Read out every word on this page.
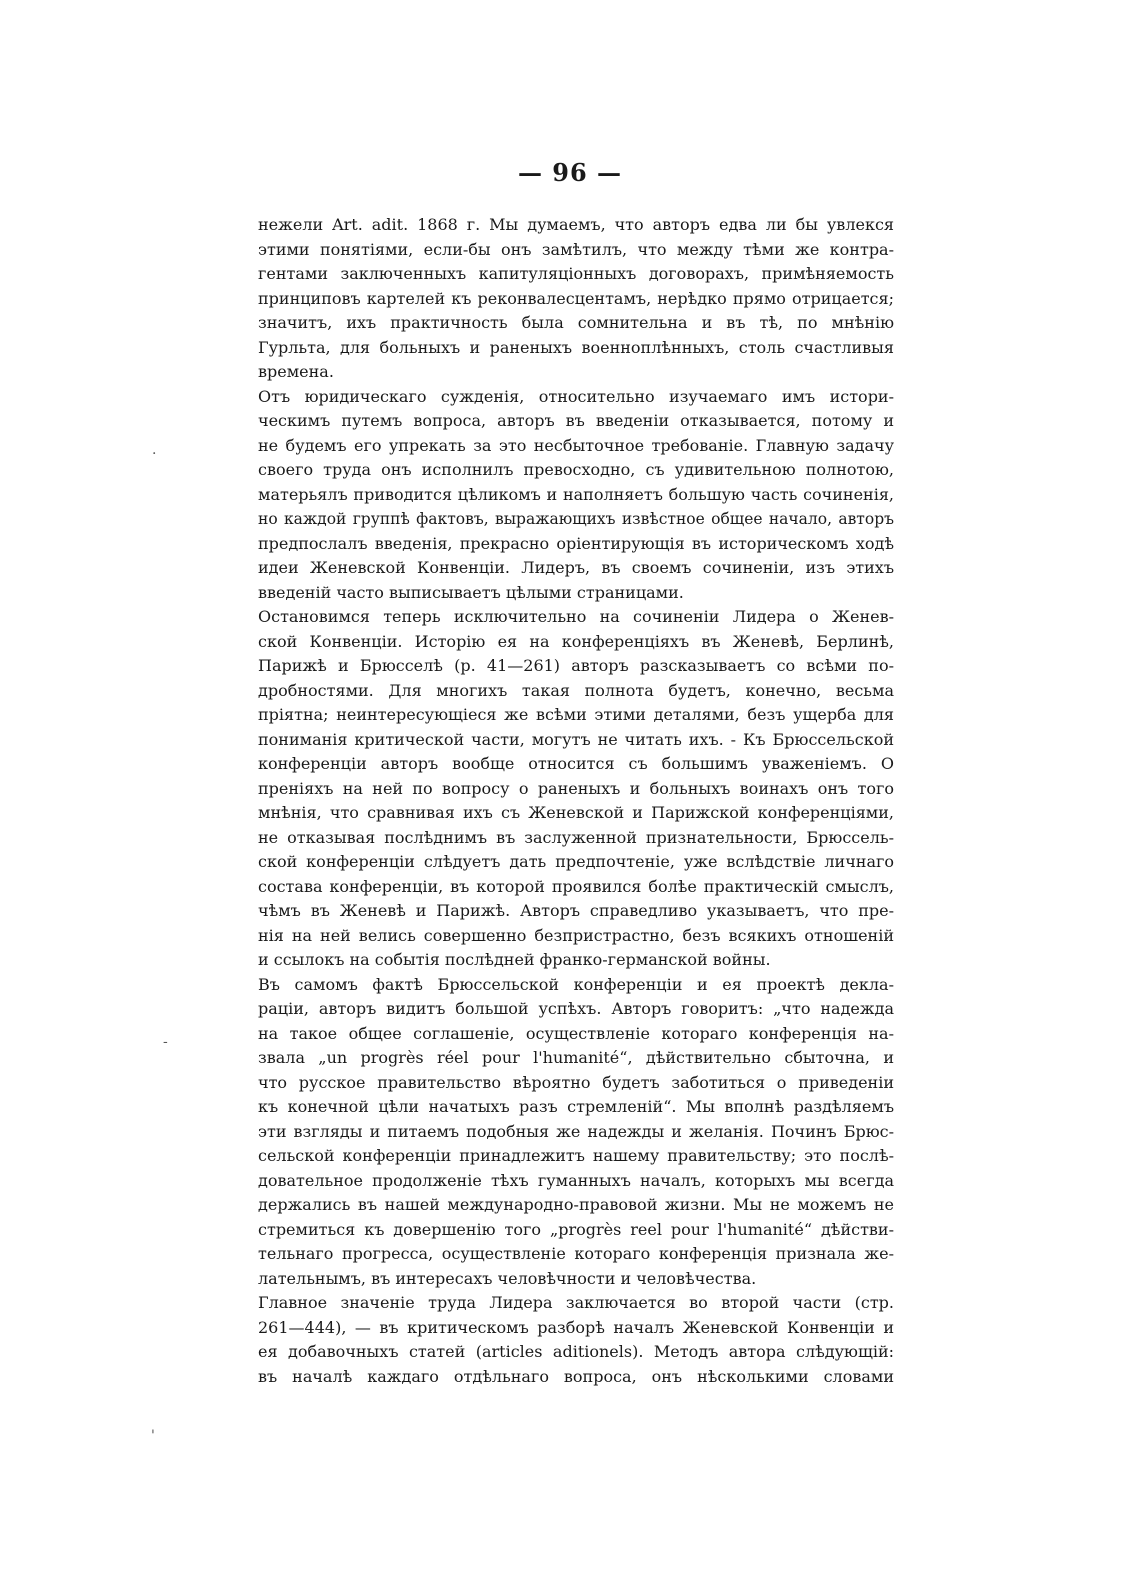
— 96 —
нежели Art. adit. 1868 г. Мы думаемъ, что авторъ едва ли бы увлекся
этими понятіями, если-бы онъ замѣтилъ, что между тѣми же контра-
гентами заключенныхъ капитуляціонныхъ договорахъ, примѣняемость
принциповъ картелей къ реконвалесцентамъ, нерѣдко прямо отрицается;
значитъ, ихъ практичность была сомнительна и въ тѣ, по мнѣнію
Гурльта, для больныхъ и раненыхъ военноплѣнныхъ, столь счастливыя
времена.
Отъ юридическаго сужденія, относительно изучаемаго имъ истори-
ческимъ путемъ вопроса, авторъ въ введеніи отказывается, потому и
не будемъ его упрекать за это несбыточное требованіе. Главную задачу
своего труда онъ исполнилъ превосходно, съ удивительною полнотою,
матерьялъ приводится цѣликомъ и наполняетъ большую часть сочиненія,
но каждой группѣ фактовъ, выражающихъ извѣстное общее начало, авторъ
предпослалъ введенія, прекрасно оріентирующія въ историческомъ ходѣ
идеи Женевской Конвенціи. Лидеръ, въ своемъ сочиненіи, изъ этихъ
введеній часто выписываетъ цѣлыми страницами.
Остановимся теперь исключительно на сочиненіи Лидера о Женев-
ской Конвенціи. Исторію ея на конференціяхъ въ Женевѣ, Берлинѣ,
Парижѣ и Брюсселѣ (p. 41—261) авторъ разсказываетъ со всѣми по-
дробностями. Для многихъ такая полнота будетъ, конечно, весьма
пріятна; неинтересующіеся же всѣми этими деталями, безъ ущерба для
пониманія критической части, могутъ не читать ихъ. - Къ Брюссельской
конференціи авторъ вообще относится съ большимъ уваженіемъ. О
преніяхъ на ней по вопросу о раненыхъ и больныхъ воинахъ онъ того
мнѣнія, что сравнивая ихъ съ Женевской и Парижской конференціями,
не отказывая послѣднимъ въ заслуженной признательности, Брюссель-
ской конференціи слѣдуетъ дать предпочтеніе, уже вслѣдствіе личнаго
состава конференціи, въ которой проявился болѣе практическій смыслъ,
чѣмъ въ Женевѣ и Парижѣ. Авторъ справедливо указываетъ, что пре-
нія на ней велись совершенно безпристрастно, безъ всякихъ отношеній
и ссылокъ на событія послѣдней франко-германской войны.
Въ самомъ фактѣ Брюссельской конференціи и ея проектѣ декла-
раціи, авторъ видитъ большой успѣхъ. Авторъ говоритъ: „что надежда
на такое общее соглашеніе, осуществленіе котораго конференція на-
звала „un progrès réel pour l'humanité“, дѣйствительно сбыточна, и
что русское правительство вѣроятно будетъ заботиться о приведеніи
къ конечной цѣли начатыхъ разъ стремленій“. Мы вполнѣ раздѣляемъ
эти взгляды и питаемъ подобныя же надежды и желанія. Починъ Брюс-
сельской конференціи принадлежитъ нашему правительству; это послѣ-
довательное продолженіе тѣхъ гуманныхъ началъ, которыхъ мы всегда
держались въ нашей международно-правовой жизни. Мы не можемъ не
стремиться къ довершенію того „progrès reel pour l'humanité“ дѣйстви-
тельнаго прогресса, осуществленіе котораго конференція признала же-
лательнымъ, въ интересахъ человѣчности и человѣчества.
Главное значеніе труда Лидера заключается во второй части (стр.
261—444), — въ критическомъ разборѣ началъ Женевской Конвенціи и
ея добавочныхъ статей (articles aditionels). Методъ автора слѣдующій:
въ началѣ каждаго отдѣльнаго вопроса, онъ нѣсколькими словами
·
-
'
